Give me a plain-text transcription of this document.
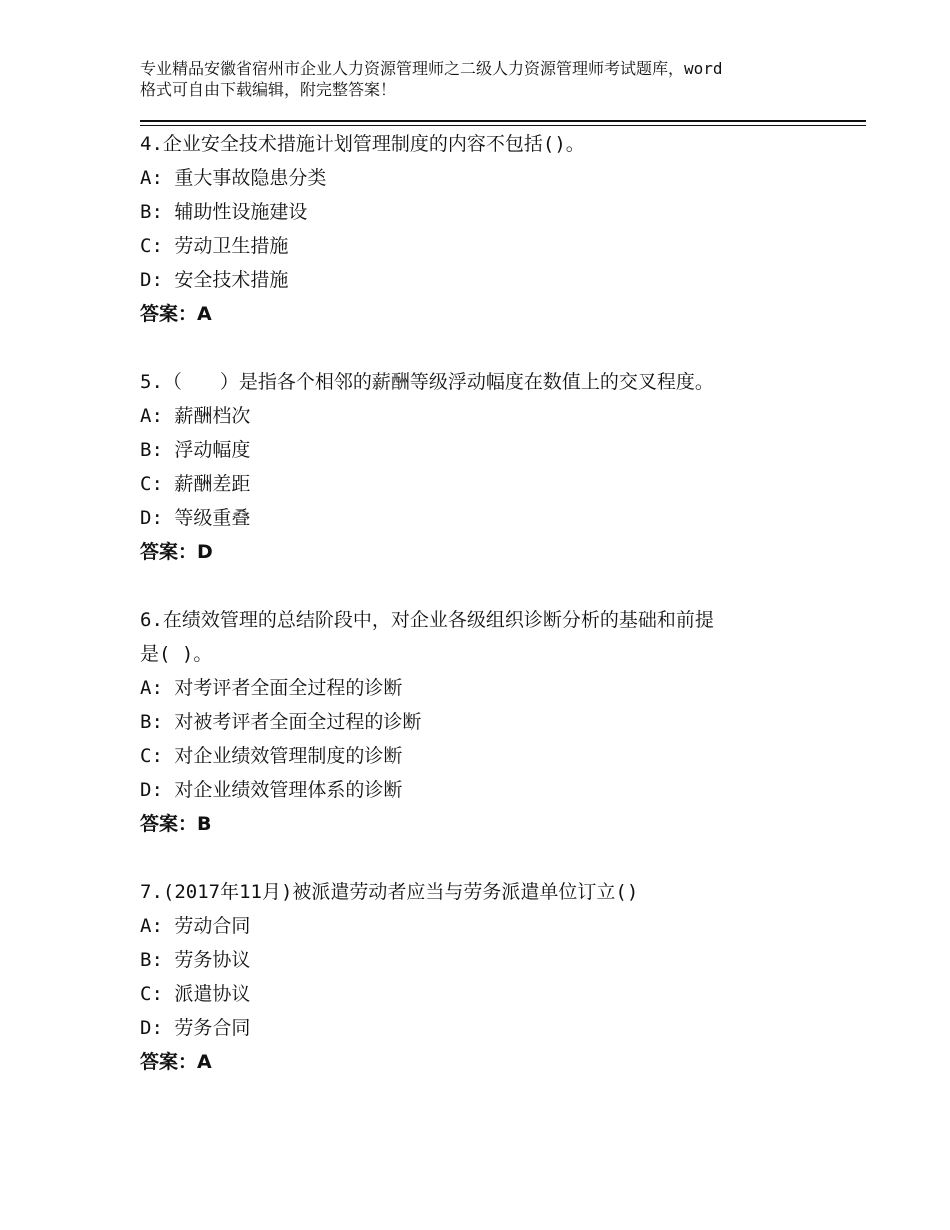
专业精品安徽省宿州市企业人力资源管理师之二级人力资源管理师考试题库，word
格式可自由下载编辑，附完整答案！
4.企业安全技术措施计划管理制度的内容不包括()。
A: 重大事故隐患分类
B: 辅助性设施建设
C: 劳动卫生措施
D: 安全技术措施
答案：A
5.（　　）是指各个相邻的薪酬等级浮动幅度在数值上的交叉程度。
A: 薪酬档次
B: 浮动幅度
C: 薪酬差距
D: 等级重叠
答案：D
6.在绩效管理的总结阶段中，对企业各级组织诊断分析的基础和前提
是( )。
A: 对考评者全面全过程的诊断
B: 对被考评者全面全过程的诊断
C: 对企业绩效管理制度的诊断
D: 对企业绩效管理体系的诊断
答案：B
7.(2017年11月)被派遣劳动者应当与劳务派遣单位订立()
A: 劳动合同
B: 劳务协议
C: 派遣协议
D: 劳务合同
答案：A
